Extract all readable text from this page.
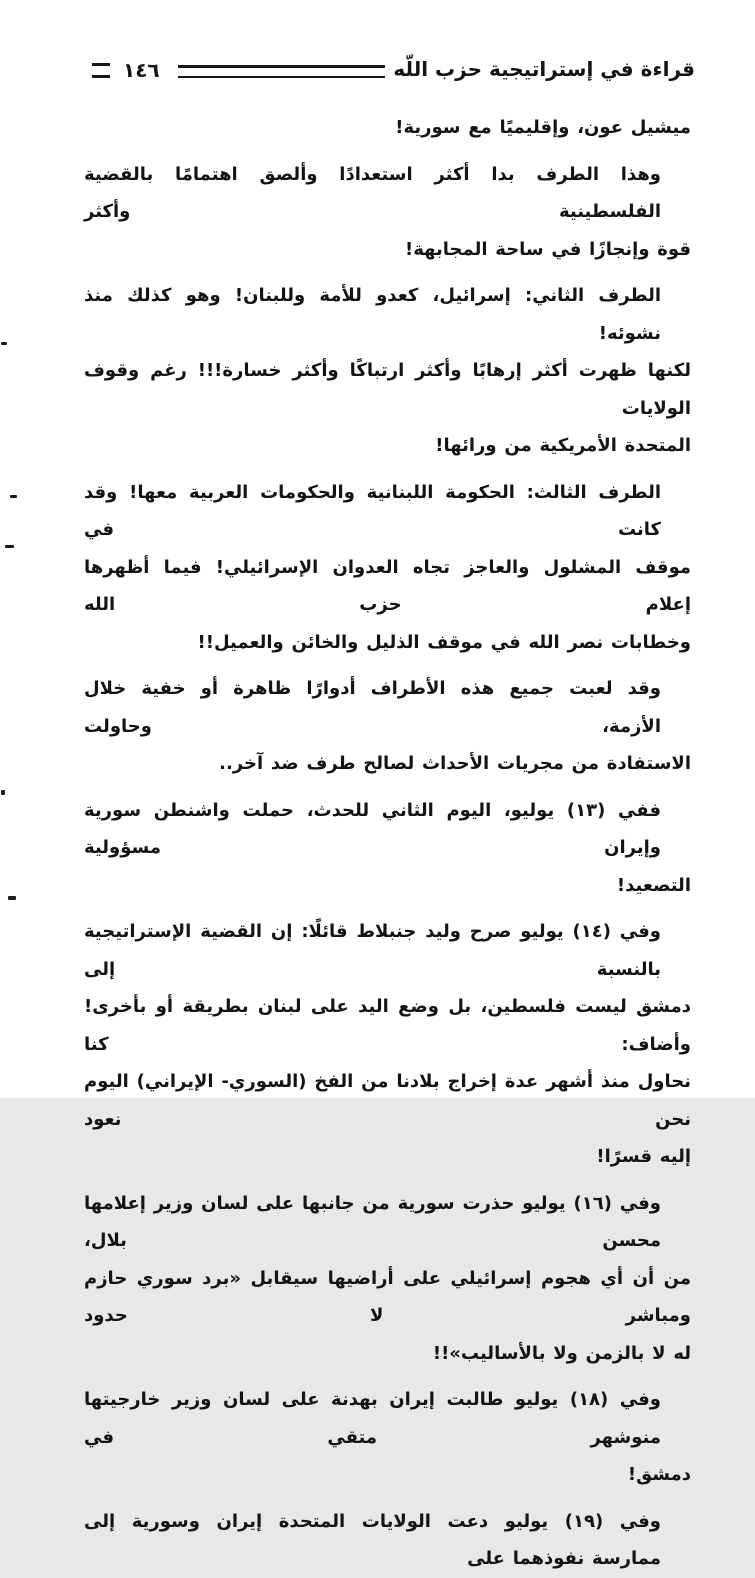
قراءة في إستراتيجية حزب اللّه
١٤٦
ميشيل عون، وإقليميًا مع سورية!
وهذا الطرف بدا أكثر استعدادًا وألصق اهتمامًا بالقضية الفلسطينية وأكثر
قوة وإنجازًا في ساحة المجابهة!
الطرف الثاني: إسرائيل، كعدو للأمة وللبنان! وهو كذلك منذ نشوئه!
لكنها ظهرت أكثر إرهابًا وأكثر ارتباكًا وأكثر خسارة!!! رغم وقوف الولايات
المتحدة الأمريكية من ورائها!
الطرف الثالث: الحكومة اللبنانية والحكومات العربية معها! وقد كانت في
موقف المشلول والعاجز تجاه العدوان الإسرائيلي! فيما أظهرها إعلام حزب الله
وخطابات نصر الله في موقف الذليل والخائن والعميل!!
وقد لعبت جميع هذه الأطراف أدوارًا ظاهرة أو خفية خلال الأزمة، وحاولت
الاستفادة من مجريات الأحداث لصالح طرف ضد آخر..
ففي (١٣) يوليو، اليوم الثاني للحدث، حملت واشنطن سورية وإيران مسؤولية
التصعيد!
وفي (١٤) يوليو صرح وليد جنبلاط قائلًا: إن القضية الإستراتيجية بالنسبة إلى
دمشق ليست فلسطين، بل وضع اليد على لبنان بطريقة أو بأخرى! وأضاف: كنا
نحاول منذ أشهر عدة إخراج بلادنا من الفخ (السوري- الإيراني) اليوم نحن نعود
إليه قسرًا!
وفي (١٦) يوليو حذرت سورية من جانبها على لسان وزير إعلامها محسن بلال،
من أن أي هجوم إسرائيلي على أراضيها سيقابل «برد سوري حازم ومباشر لا حدود
له لا بالزمن ولا بالأساليب»!!
وفي (١٨) يوليو طالبت إيران بهدنة على لسان وزير خارجيتها منوشهر متقي في
دمشق!
وفي (١٩) يوليو دعت الولايات المتحدة إيران وسورية إلى ممارسة نفوذهما على
